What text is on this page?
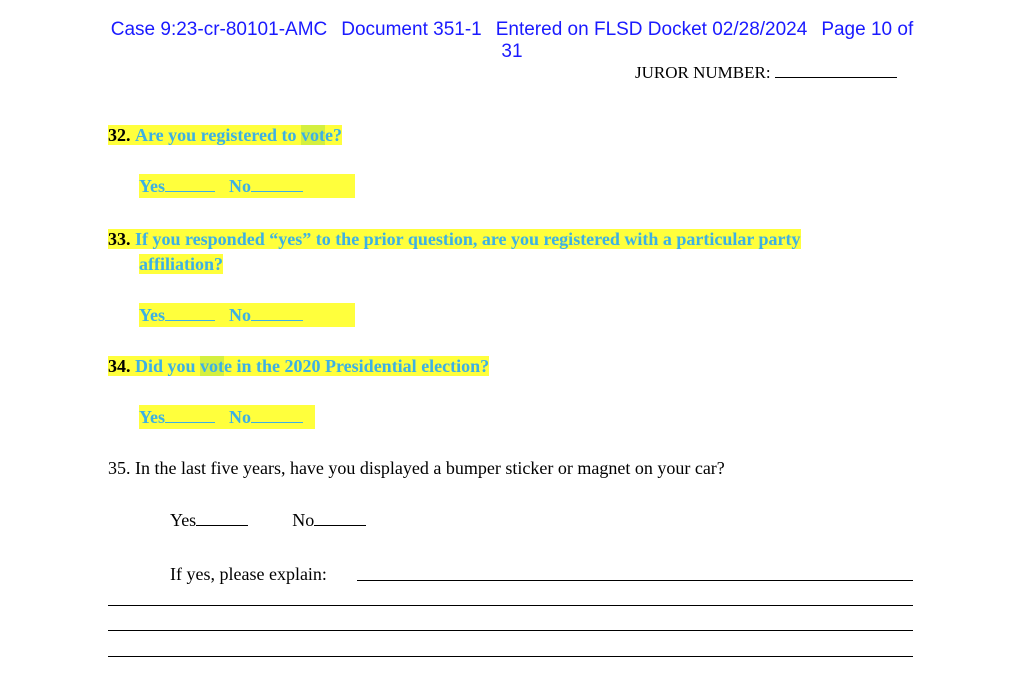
Case 9:23-cr-80101-AMC Document 351-1 Entered on FLSD Docket 02/28/2024 Page 10 of
31
JUROR NUMBER:
32. Are you registered to vote?
Yes	No
33. If you responded “yes” to the prior question, are you registered with a particular party
affiliation?
Yes	No
34. Did you vote in the 2020 Presidential election?
Yes	No
35. In the last five years, have you displayed a bumper sticker or magnet on your car?
Yes	No
If yes, please explain:
